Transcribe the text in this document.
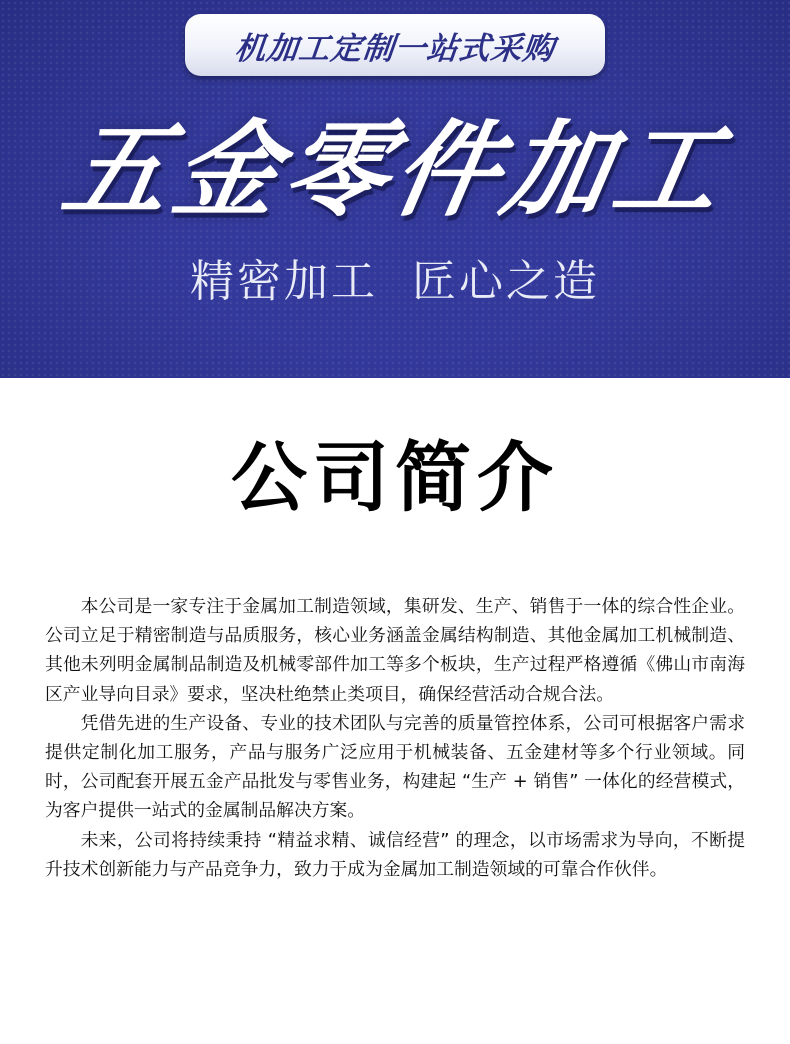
机加工定制一站式采购
五金零件加工
精密加工  匠心之造
公司简介

本公司是一家专注于金属加工制造领域，集研发、生产、销售于一体的综合性企业。公司立足于精密制造与品质服务，核心业务涵盖金属结构制造、其他金属加工机械制造、其他未列明金属制品制造及机械零部件加工等多个板块，生产过程严格遵循《佛山市南海区产业导向目录》要求，坚决杜绝禁止类项目，确保经营活动合规合法。

凭借先进的生产设备、专业的技术团队与完善的质量管控体系，公司可根据客户需求提供定制化加工服务，产品与服务广泛应用于机械装备、五金建材等多个行业领域。同时，公司配套开展五金产品批发与零售业务，构建起 “生产 + 销售” 一体化的经营模式，为客户提供一站式的金属制品解决方案。

未来，公司将持续秉持 “精益求精、诚信经营” 的理念，以市场需求为导向，不断提升技术创新能力与产品竞争力，致力于成为金属加工制造领域的可靠合作伙伴。
